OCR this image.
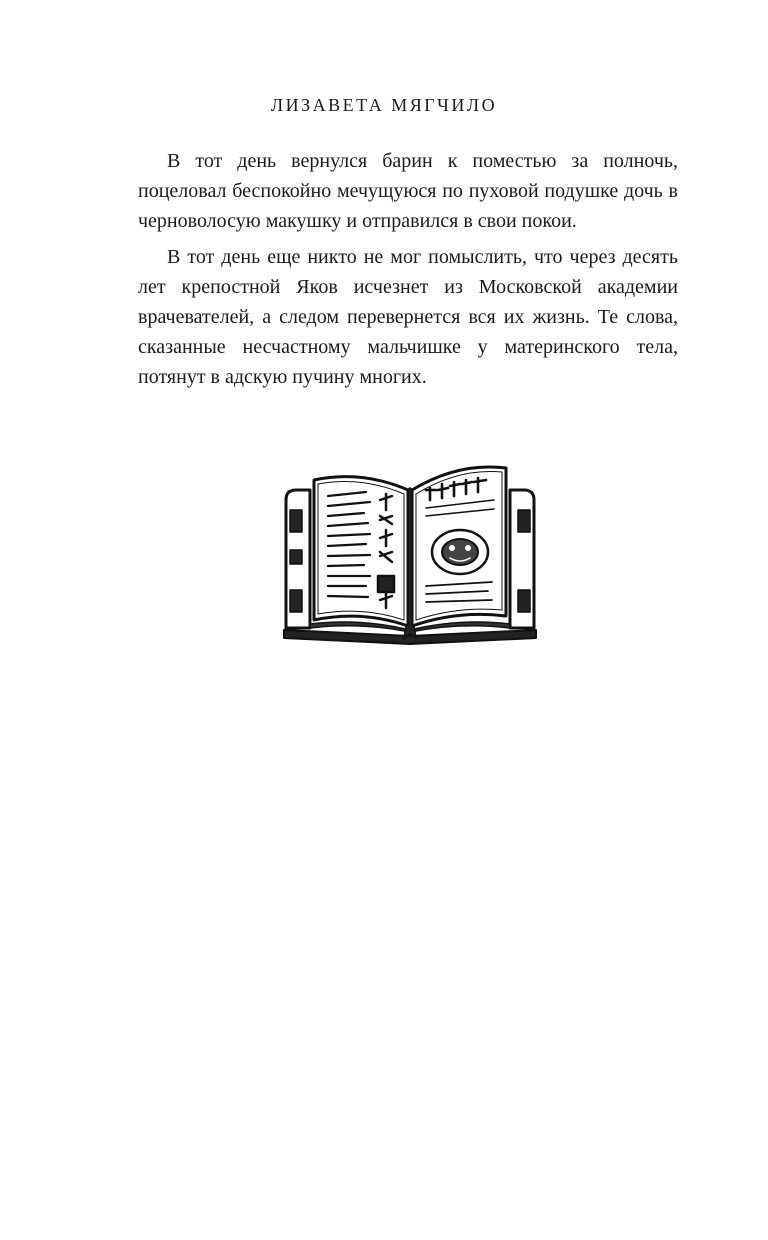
ЛИЗАВЕТА МЯГЧИЛО

В тот день вернулся барин к поместью за полночь, поцеловал беспокойно мечущуюся по пуховой подушке дочь в черноволосую макушку и отправился в свои покои.

В тот день еще никто не мог помыслить, что через десять лет крепостной Яков исчезнет из Московской академии врачевателей, а следом перевернется вся их жизнь. Те слова, сказанные несчастному мальчишке у материнского тела, потянут в адскую пучину многих.
